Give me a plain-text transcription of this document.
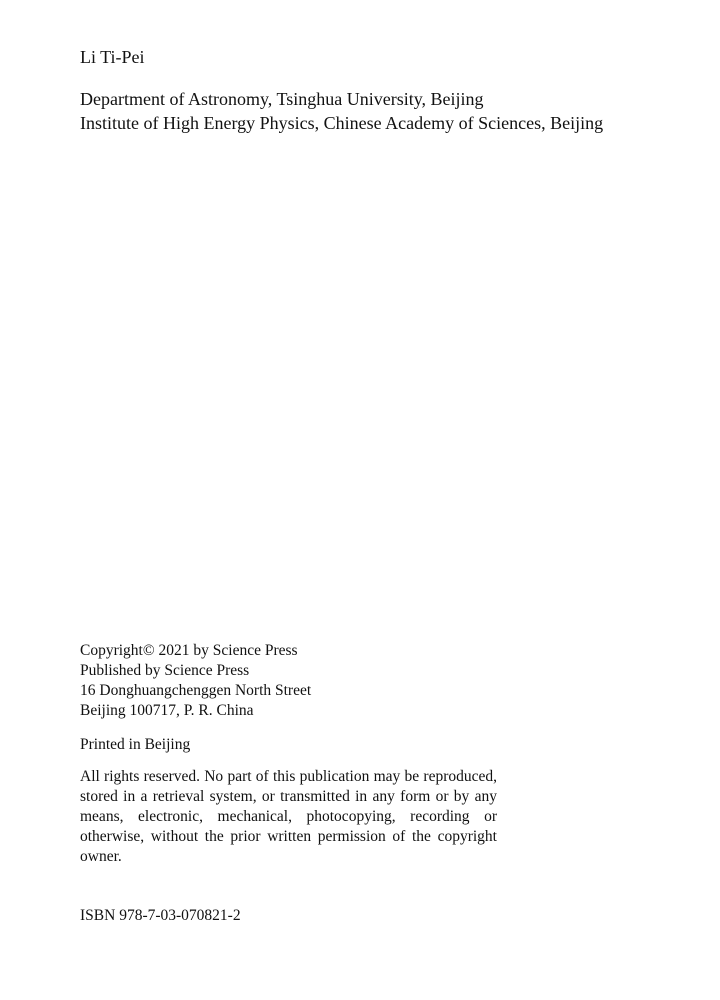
Li Ti-Pei
Department of Astronomy, Tsinghua University, Beijing
Institute of High Energy Physics, Chinese Academy of Sciences, Beijing
Copyright© 2021 by Science Press
Published by Science Press
16 Donghuangchenggen North Street
Beijing 100717, P. R. China
Printed in Beijing
All rights reserved. No part of this publication may be reproduced, stored in a retrieval system, or transmitted in any form or by any means, electronic, mechanical, photocopying, recording or otherwise, without the prior written permission of the copyright owner.
ISBN 978-7-03-070821-2
